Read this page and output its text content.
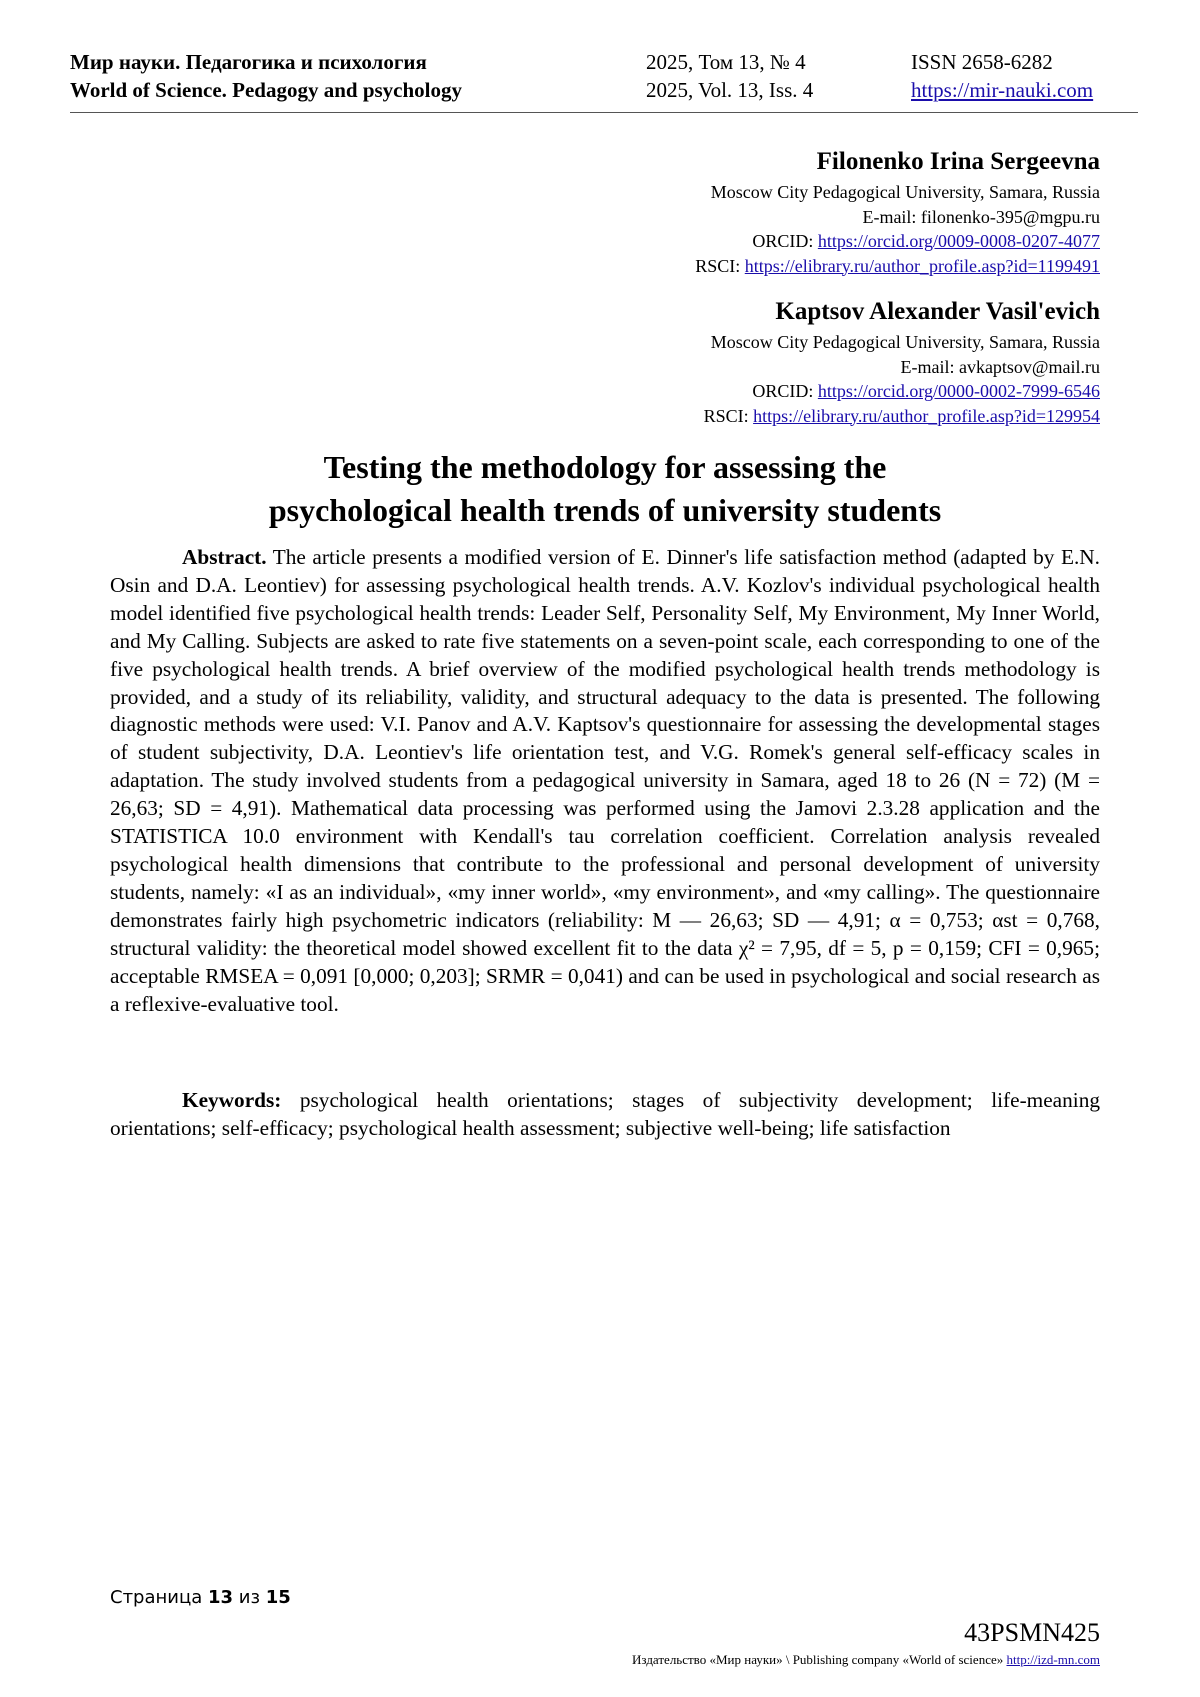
Мир науки. Педагогика и психология	2025, Том 13, № 4	ISSN 2658-6282
World of Science. Pedagogy and psychology	2025, Vol. 13, Iss. 4	https://mir-nauki.com
Filonenko Irina Sergeevna
Moscow City Pedagogical University, Samara, Russia
E-mail: filonenko-395@mgpu.ru
ORCID: https://orcid.org/0009-0008-0207-4077
RSCI: https://elibrary.ru/author_profile.asp?id=1199491
Kaptsov Alexander Vasil'evich
Moscow City Pedagogical University, Samara, Russia
E-mail: avkaptsov@mail.ru
ORCID: https://orcid.org/0000-0002-7999-6546
RSCI: https://elibrary.ru/author_profile.asp?id=129954
Testing the methodology for assessing the
psychological health trends of university students
Abstract. The article presents a modified version of E. Dinner's life satisfaction method (adapted by E.N. Osin and D.A. Leontiev) for assessing psychological health trends. A.V. Kozlov's individual psychological health model identified five psychological health trends: Leader Self, Personality Self, My Environment, My Inner World, and My Calling. Subjects are asked to rate five statements on a seven-point scale, each corresponding to one of the five psychological health trends. A brief overview of the modified psychological health trends methodology is provided, and a study of its reliability, validity, and structural adequacy to the data is presented. The following diagnostic methods were used: V.I. Panov and A.V. Kaptsov's questionnaire for assessing the developmental stages of student subjectivity, D.A. Leontiev's life orientation test, and V.G. Romek's general self-efficacy scales in adaptation. The study involved students from a pedagogical university in Samara, aged 18 to 26 (N = 72) (M = 26,63; SD = 4,91). Mathematical data processing was performed using the Jamovi 2.3.28 application and the STATISTICA 10.0 environment with Kendall's tau correlation coefficient. Correlation analysis revealed psychological health dimensions that contribute to the professional and personal development of university students, namely: «I as an individual», «my inner world», «my environment», and «my calling». The questionnaire demonstrates fairly high psychometric indicators (reliability: M — 26,63; SD — 4,91; α = 0,753; αst = 0,768, structural validity: the theoretical model showed excellent fit to the data χ² = 7,95, df = 5, p = 0,159; CFI = 0,965; acceptable RMSEA = 0,091 [0,000; 0,203]; SRMR = 0,041) and can be used in psychological and social research as a reflexive-evaluative tool.
Keywords: psychological health orientations; stages of subjectivity development; life-meaning orientations; self-efficacy; psychological health assessment; subjective well-being; life satisfaction
Страница 13 из 15
43PSMN425
Издательство «Мир науки» \ Publishing company «World of science» http://izd-mn.com
